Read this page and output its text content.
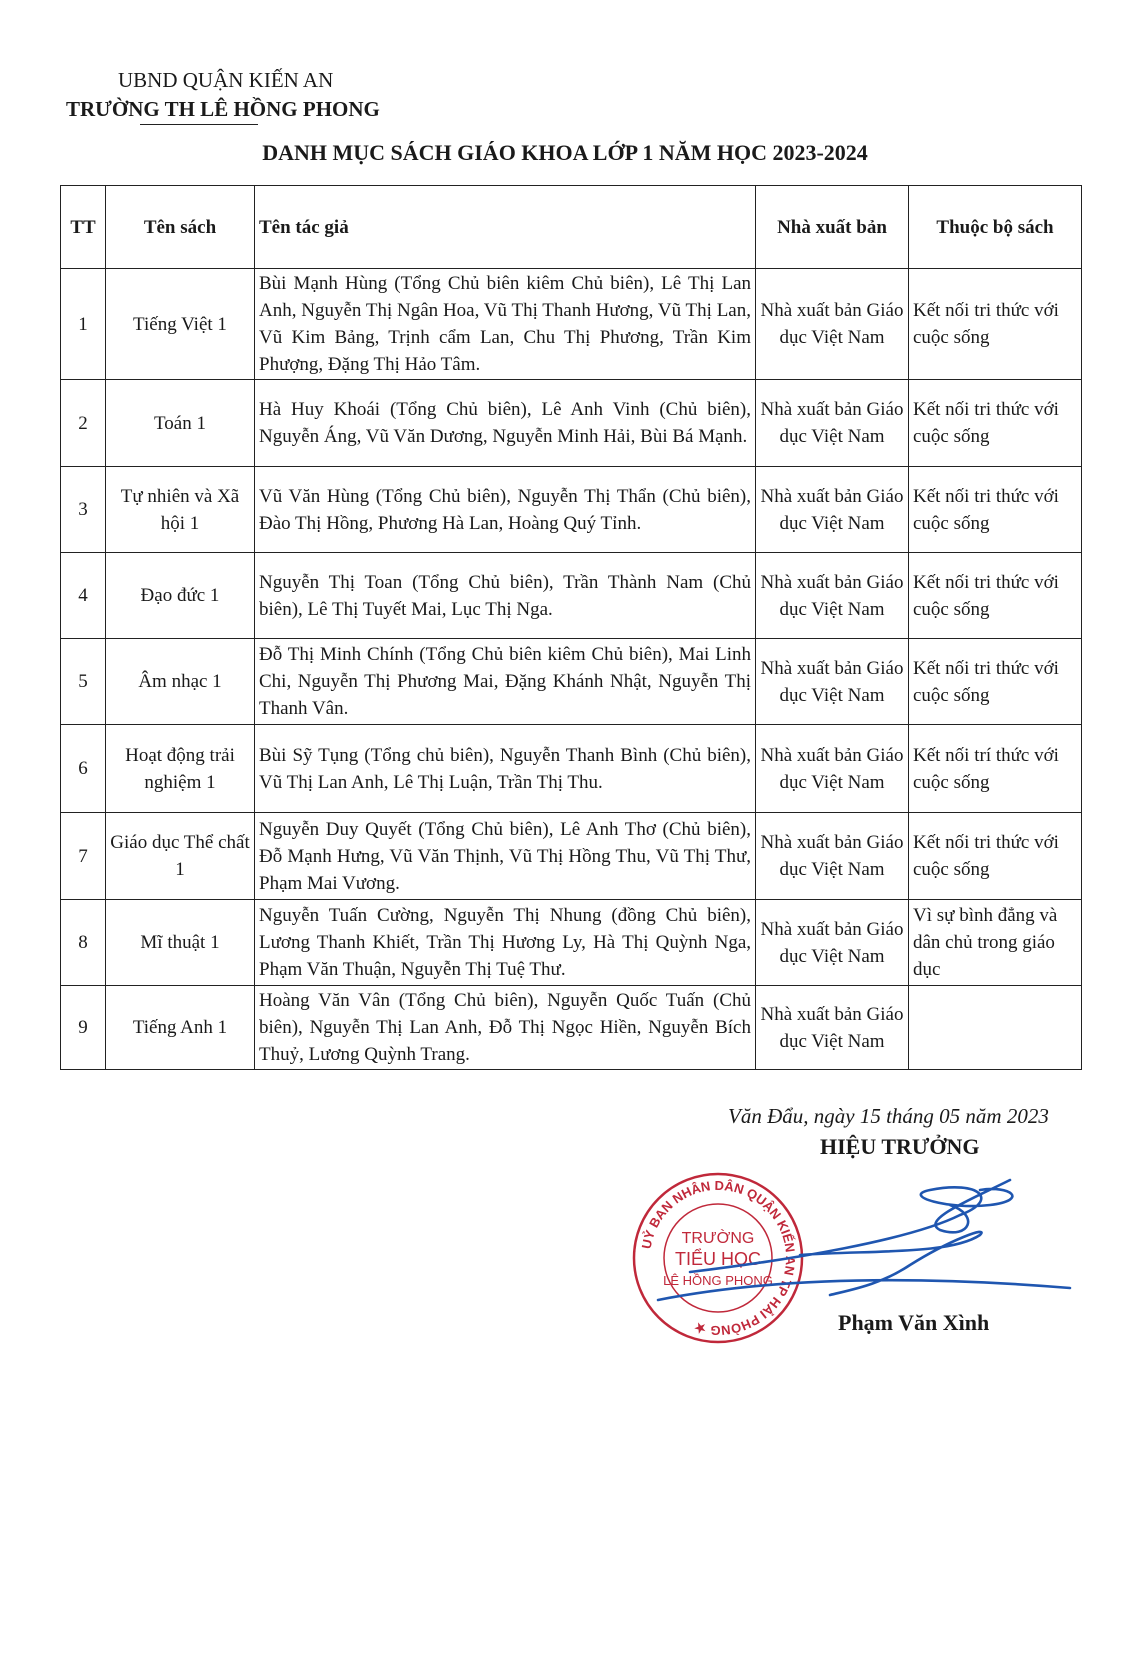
UBND QUẬN KIẾN AN
TRƯỜNG TH LÊ HỒNG PHONG
DANH MỤC SÁCH GIÁO KHOA LỚP 1 NĂM HỌC 2023-2024
TT	Tên sách	Tên tác giả	Nhà xuất bản	Thuộc bộ sách
1	Tiếng Việt 1	Bùi Mạnh Hùng (Tổng Chủ biên kiêm Chủ biên), Lê Thị Lan Anh, Nguyễn Thị Ngân Hoa, Vũ Thị Thanh Hương, Vũ Thị Lan, Vũ Kim Bảng, Trịnh cẩm Lan, Chu Thị Phương, Trần Kim Phượng, Đặng Thị Hảo Tâm.	Nhà xuất bản Giáo dục Việt Nam	Kết nối tri thức với cuộc sống
2	Toán 1	Hà Huy Khoái (Tổng Chủ biên), Lê Anh Vinh (Chủ biên), Nguyễn Áng, Vũ Văn Dương, Nguyễn Minh Hải, Bùi Bá Mạnh.	Nhà xuất bản Giáo dục Việt Nam	Kết nối tri thức với cuộc sống
3	Tự nhiên và Xã hội 1	Vũ Văn Hùng (Tổng Chủ biên), Nguyễn Thị Thẩn (Chủ biên), Đào Thị Hồng, Phương Hà Lan, Hoàng Quý Tỉnh.	Nhà xuất bản Giáo dục Việt Nam	Kết nối tri thức với cuộc sống
4	Đạo đức 1	Nguyễn Thị Toan (Tổng Chủ biên), Trần Thành Nam (Chủ biên), Lê Thị Tuyết Mai, Lục Thị Nga.	Nhà xuất bản Giáo dục Việt Nam	Kết nối tri thức với cuộc sống
5	Âm nhạc 1	Đỗ Thị Minh Chính (Tổng Chủ biên kiêm Chủ biên), Mai Linh Chi, Nguyễn Thị Phương Mai, Đặng Khánh Nhật, Nguyễn Thị Thanh Vân.	Nhà xuất bản Giáo dục Việt Nam	Kết nối tri thức với cuộc sống
6	Hoạt động trải nghiệm 1	Bùi Sỹ Tụng (Tổng chủ biên), Nguyễn Thanh Bình (Chủ biên), Vũ Thị Lan Anh, Lê Thị Luận, Trần Thị Thu.	Nhà xuất bản Giáo dục Việt Nam	Kết nối trí thức với cuộc sống
7	Giáo dục Thể chất 1	Nguyễn Duy Quyết (Tổng Chủ biên), Lê Anh Thơ (Chủ biên), Đỗ Mạnh Hưng, Vũ Văn Thịnh, Vũ Thị Hồng Thu, Vũ Thị Thư, Phạm Mai Vương.	Nhà xuất bản Giáo dục Việt Nam	Kết nối tri thức với cuộc sống
8	Mĩ thuật 1	Nguyễn Tuấn Cường, Nguyễn Thị Nhung (đồng Chủ biên), Lương Thanh Khiết, Trần Thị Hương Ly, Hà Thị Quỳnh Nga, Phạm Văn Thuận, Nguyễn Thị Tuệ Thư.	Nhà xuất bản Giáo dục Việt Nam	Vì sự bình đẳng và dân chủ trong giáo dục
9	Tiếng Anh 1	Hoàng Văn Vân (Tổng Chủ biên), Nguyễn Quốc Tuấn (Chủ biên), Nguyễn Thị Lan Anh, Đỗ Thị Ngọc Hiền, Nguyễn Bích Thuỷ, Lương Quỳnh Trang.	Nhà xuất bản Giáo dục Việt Nam	
Văn Đẩu, ngày 15 tháng 05 năm 2023
HIỆU TRƯỞNG
UỶ BAN NHÂN DÂN QUẬN KIẾN AN TP HẢI PHÒNG ★
TRƯỜNG
TIỂU HỌC
LÊ HỒNG PHONG
Phạm Văn Xình
